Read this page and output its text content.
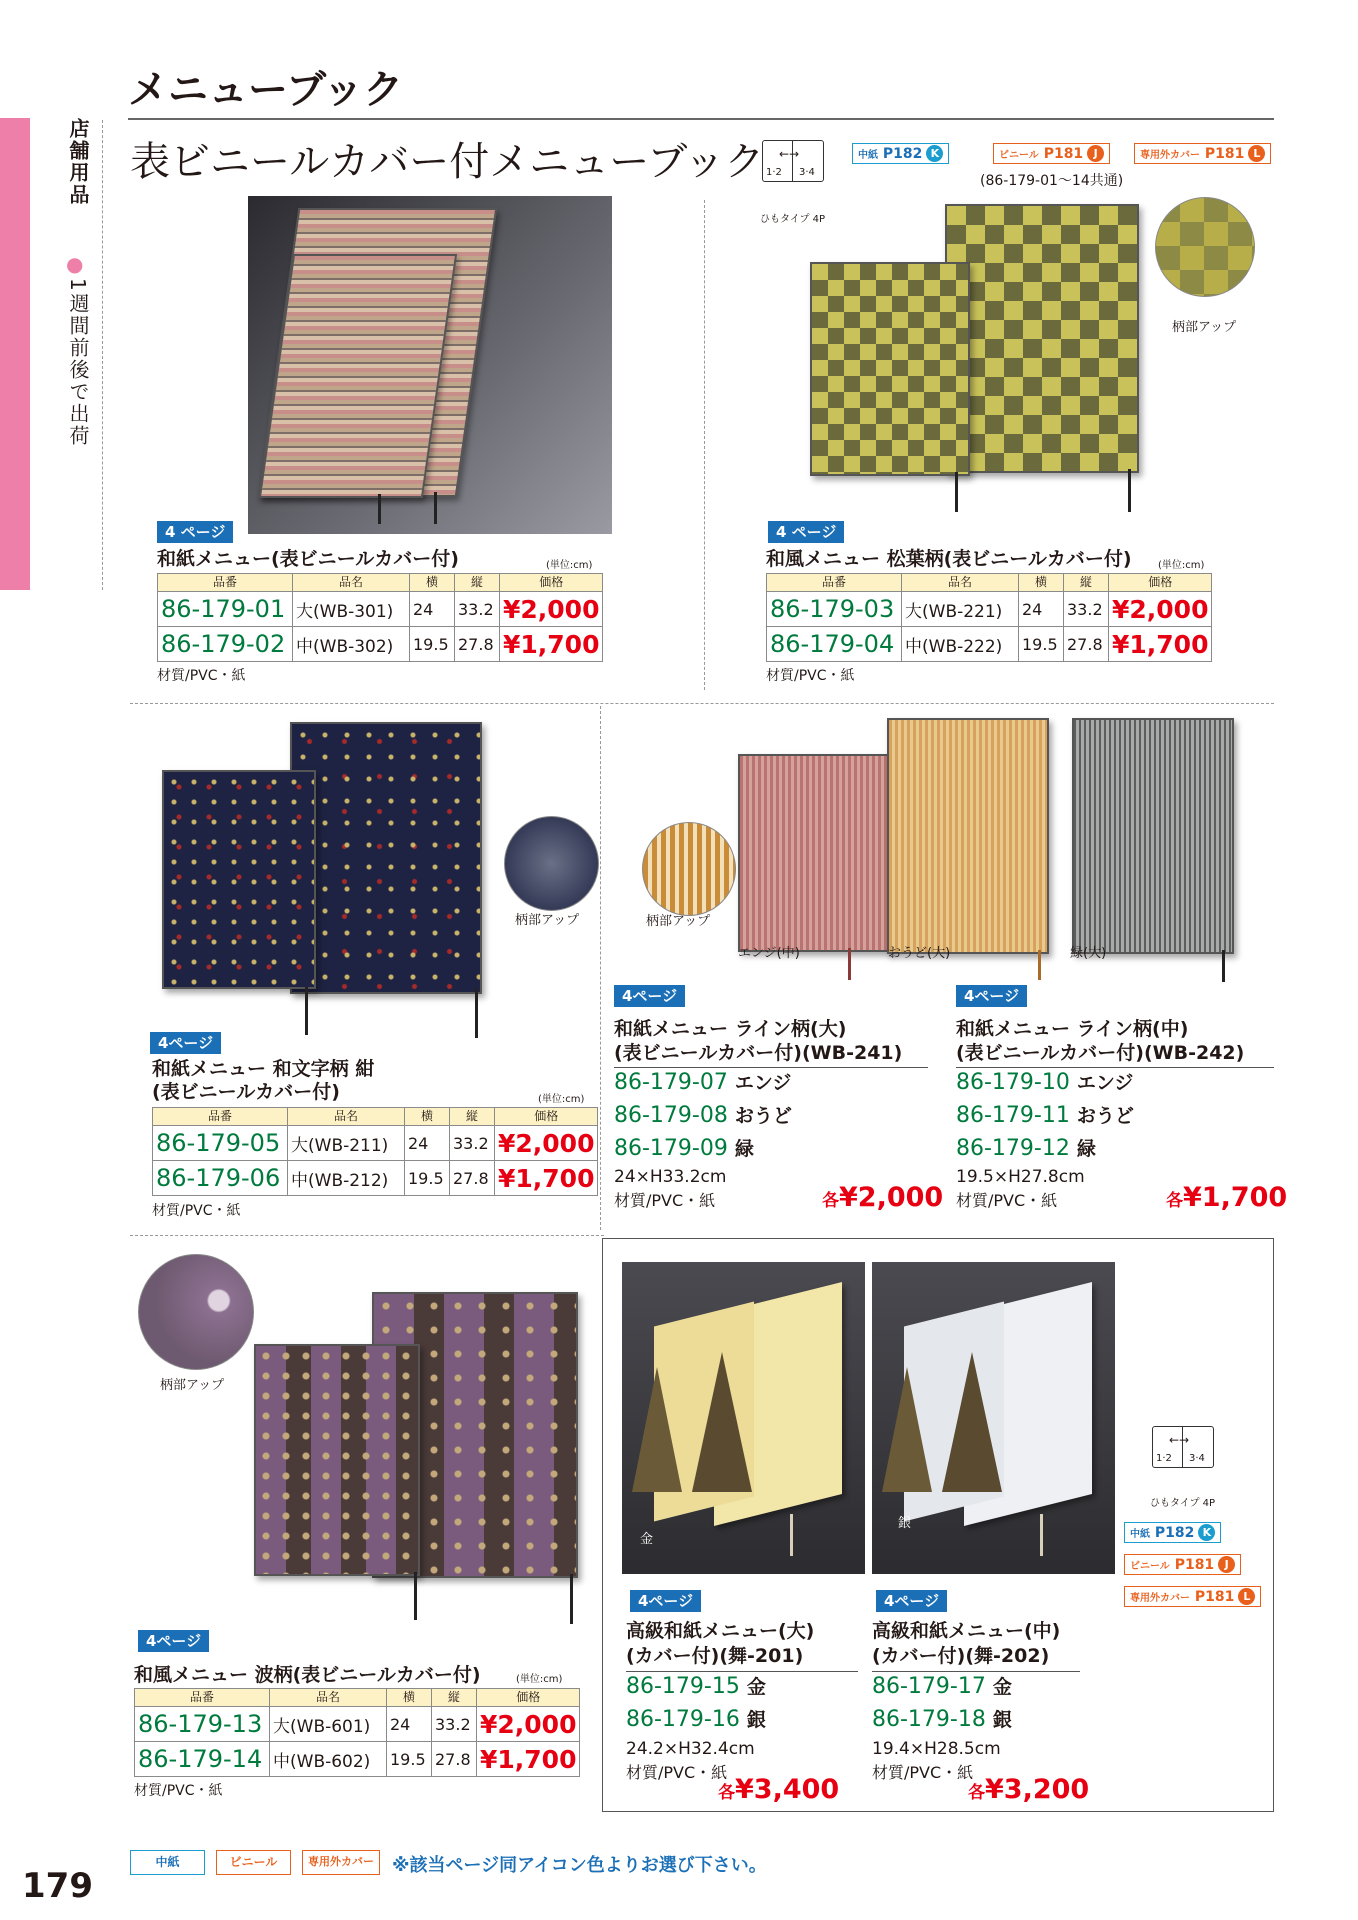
店舗用品
●
1週間前後で出荷
メニューブック
表ビニールカバー付メニューブック ←→
1·2 3·4
ひもタイプ 4P
中紙 P182 K	ビニール P181 J	専用外カバー P181 L
(86-179-01～14共通)
4 ページ
和紙メニュー(表ビニールカバー付)	(単位:cm)
品番	品名	横	縦	価格
86-179-01	大(WB-301)	24	33.2	¥2,000
86-179-02	中(WB-302)	19.5	27.8	¥1,700
材質/PVC・紙
柄部アップ
4 ページ
和風メニュー 松葉柄(表ビニールカバー付)	(単位:cm)
品番	品名	横	縦	価格
86-179-03	大(WB-221)	24	33.2	¥2,000
86-179-04	中(WB-222)	19.5	27.8	¥1,700
材質/PVC・紙
柄部アップ
4ページ
和紙メニュー 和文字柄 紺
(表ビニールカバー付)	(単位:cm)
品番	品名	横	縦	価格
86-179-05	大(WB-211)	24	33.2	¥2,000
86-179-06	中(WB-212)	19.5	27.8	¥1,700
材質/PVC・紙
柄部アップ
エンジ(中)	おうど(大)	緑(大)
4ページ
和紙メニュー ライン柄(大)
(表ビニールカバー付)(WB-241)
86-179-07 エンジ
86-179-08 おうど
86-179-09 緑
24×H33.2cm
材質/PVC・紙	各¥2,000
4ページ
和紙メニュー ライン柄(中)
(表ビニールカバー付)(WB-242)
86-179-10 エンジ
86-179-11 おうど
86-179-12 緑
19.5×H27.8cm
材質/PVC・紙	各¥1,700
柄部アップ
4ページ
和風メニュー 波柄(表ビニールカバー付)	(単位:cm)
品番	品名	横	縦	価格
86-179-13	大(WB-601)	24	33.2	¥2,000
86-179-14	中(WB-602)	19.5	27.8	¥1,700
材質/PVC・紙
金
銀
←→
1·2 3·4
ひもタイプ 4P
中紙 P182 K
ビニール P181 J
専用外カバー P181 L
4ページ
高級和紙メニュー(大)
(カバー付)(舞-201)
86-179-15 金
86-179-16 銀
24.2×H32.4cm
材質/PVC・紙
各¥3,400
4ページ
高級和紙メニュー(中)
(カバー付)(舞-202)
86-179-17 金
86-179-18 銀
19.4×H28.5cm
材質/PVC・紙
各¥3,200
中紙	ビニール	専用外カバー	※該当ページ同アイコン色よりお選び下さい。
179
